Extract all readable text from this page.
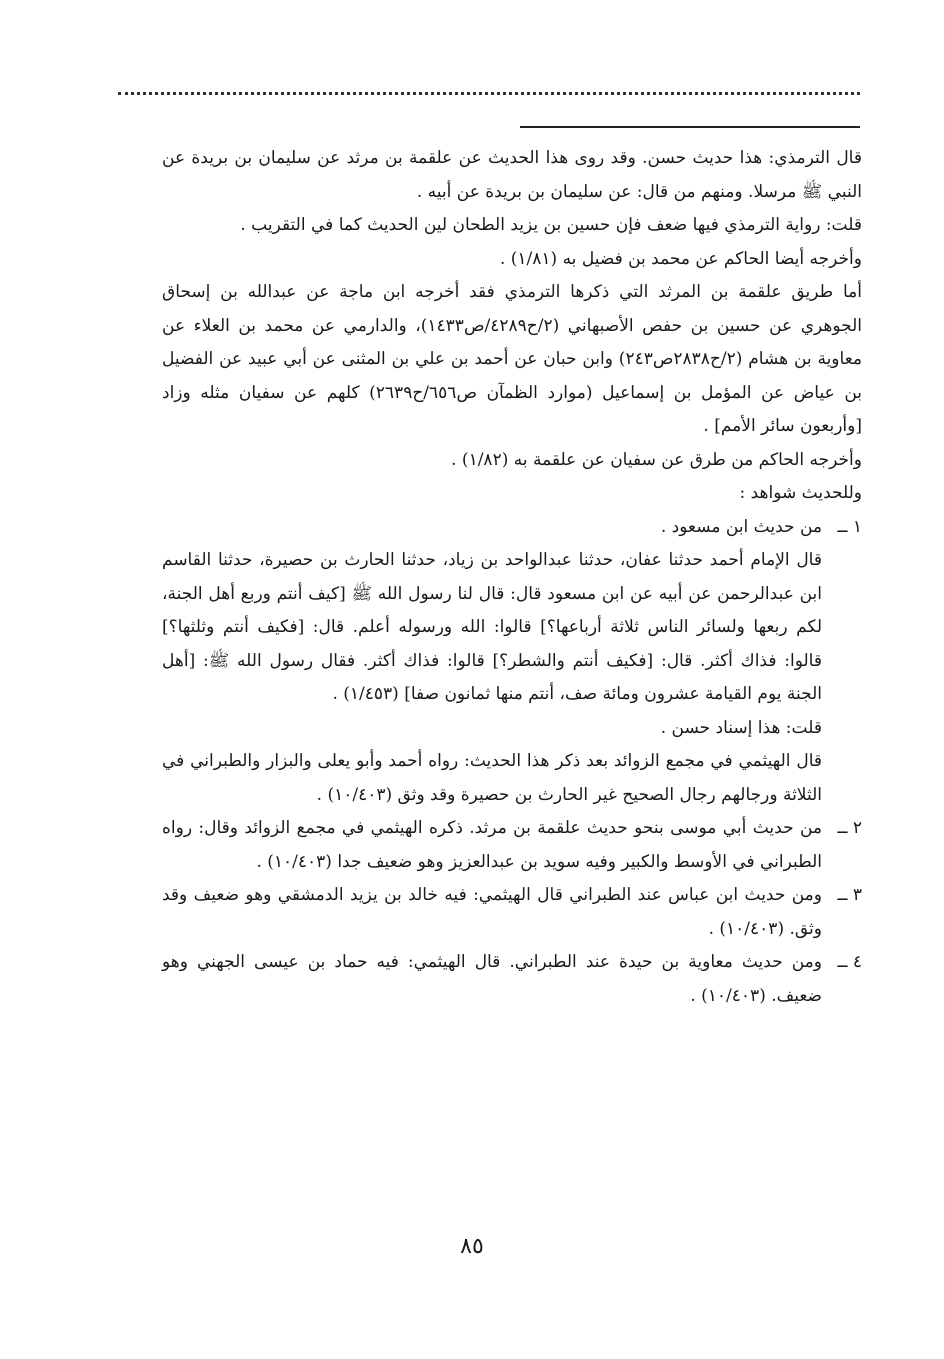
قال الترمذي: هذا حديث حسن. وقد روى هذا الحديث عن علقمة بن مرثد عن سليمان بن بريدة عن النبي ﷺ مرسلا. ومنهم من قال: عن سليمان بن بريدة عن أبيه .

قلت: رواية الترمذي فيها ضعف فإن حسين بن يزيد الطحان لين الحديث كما في التقريب .

وأخرجه أيضا الحاكم عن محمد بن فضيل به (١/٨١) .

أما طريق علقمة بن المرثد التي ذكرها الترمذي فقد أخرجه ابن ماجة عن عبدالله بن إسحاق الجوهري عن حسين بن حفص الأصبهاني (٢/ح٤٢٨٩/ص١٤٣٣)، والدارمي عن محمد بن العلاء عن معاوية بن هشام (٢/ح٢٨٣٨ص٢٤٣) وابن حبان عن أحمد بن علي بن المثنى عن أبي عبيد عن الفضيل بن عياض عن المؤمل بن إسماعيل (موارد الظمآن ص٦٥٦/ح٢٦٣٩) كلهم عن سفيان مثله وزاد [وأربعون سائر الأمم] .

وأخرجه الحاكم من طرق عن سفيان عن علقمة به (١/٨٢) .

وللحديث شواهد :

١ ــ

من حديث ابن مسعود .

قال الإمام أحمد حدثنا عفان، حدثنا عبدالواحد بن زياد، حدثنا الحارث بن حصيرة، حدثنا القاسم ابن عبدالرحمن عن أبيه عن ابن مسعود قال: قال لنا رسول الله ﷺ [كيف أنتم وربع أهل الجنة، لكم ربعها ولسائر الناس ثلاثة أرباعها؟] قالوا: الله ورسوله أعلم. قال: [فكيف أنتم وثلثها؟] قالوا: فذاك أكثر. قال: [فكيف أنتم والشطر؟] قالوا: فذاك أكثر. فقال رسول الله ﷺ: [أهل الجنة يوم القيامة عشرون ومائة صف، أنتم منها ثمانون صفا] (١/٤٥٣) .

قلت: هذا إسناد حسن .

قال الهيثمي في مجمع الزوائد بعد ذكر هذا الحديث: رواه أحمد وأبو يعلى والبزار والطبراني في الثلاثة ورجالهم رجال الصحيح غير الحارث بن حصيرة وقد وثق (١٠/٤٠٣) .

٢ ــ

من حديث أبي موسى بنحو حديث علقمة بن مرثد. ذكره الهيثمي في مجمع الزوائد وقال: رواه الطبراني في الأوسط والكبير وفيه سويد بن عبدالعزيز وهو ضعيف جدا (١٠/٤٠٣) .

٣ ــ

ومن حديث ابن عباس عند الطبراني قال الهيثمي: فيه خالد بن يزيد الدمشقي وهو ضعيف وقد وثق. (١٠/٤٠٣) .

٤ ــ

ومن حديث معاوية بن حيدة عند الطبراني. قال الهيثمي: فيه حماد بن عيسى الجهني وهو ضعيف. (١٠/٤٠٣) .

٨٥
